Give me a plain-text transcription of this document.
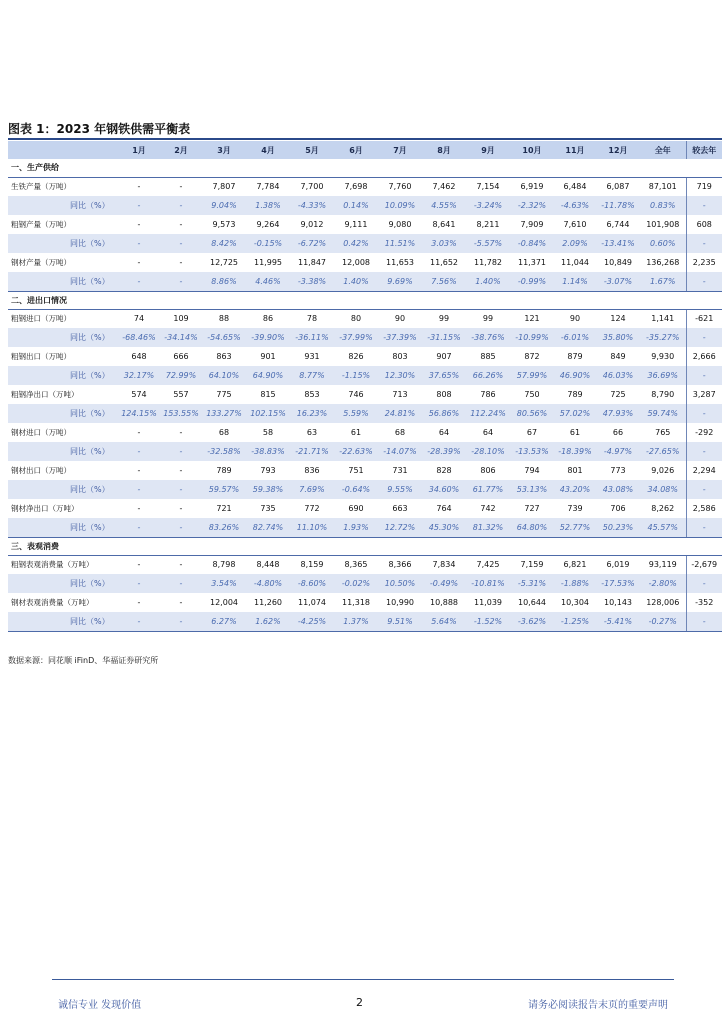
图表 1：2023 年钢铁供需平衡表
	1月	2月	3月	4月	5月	6月	7月	8月	9月	10月	11月	12月	全年	较去年
一、生产供给														
生铁产量（万吨）	-	-	7,807	7,784	7,700	7,698	7,760	7,462	7,154	6,919	6,484	6,087	87,101	719
同比（%）	-	-	9.04%	1.38%	-4.33%	0.14%	10.09%	4.55%	-3.24%	-2.32%	-4.63%	-11.78%	0.83%	-
粗钢产量（万吨）	-	-	9,573	9,264	9,012	9,111	9,080	8,641	8,211	7,909	7,610	6,744	101,908	608
同比（%）	-	-	8.42%	-0.15%	-6.72%	0.42%	11.51%	3.03%	-5.57%	-0.84%	2.09%	-13.41%	0.60%	-
钢材产量（万吨）	-	-	12,725	11,995	11,847	12,008	11,653	11,652	11,782	11,371	11,044	10,849	136,268	2,235
同比（%）	-	-	8.86%	4.46%	-3.38%	1.40%	9.69%	7.56%	1.40%	-0.99%	1.14%	-3.07%	1.67%	-
二、进出口情况														
粗钢进口（万吨）	74	109	88	86	78	80	90	99	99	121	90	124	1,141	-621
同比（%）	-68.46%	-34.14%	-54.65%	-39.90%	-36.11%	-37.99%	-37.39%	-31.15%	-38.76%	-10.99%	-6.01%	35.80%	-35.27%	-
粗钢出口（万吨）	648	666	863	901	931	826	803	907	885	872	879	849	9,930	2,666
同比（%）	32.17%	72.99%	64.10%	64.90%	8.77%	-1.15%	12.30%	37.65%	66.26%	57.99%	46.90%	46.03%	36.69%	-
粗钢净出口（万吨）	574	557	775	815	853	746	713	808	786	750	789	725	8,790	3,287
同比（%）	124.15%	153.55%	133.27%	102.15%	16.23%	5.59%	24.81%	56.86%	112.24%	80.56%	57.02%	47.93%	59.74%	-
钢材进口（万吨）	-	-	68	58	63	61	68	64	64	67	61	66	765	-292
同比（%）	-	-	-32.58%	-38.83%	-21.71%	-22.63%	-14.07%	-28.39%	-28.10%	-13.53%	-18.39%	-4.97%	-27.65%	-
钢材出口（万吨）	-	-	789	793	836	751	731	828	806	794	801	773	9,026	2,294
同比（%）	-	-	59.57%	59.38%	7.69%	-0.64%	9.55%	34.60%	61.77%	53.13%	43.20%	43.08%	34.08%	-
钢材净出口（万吨）	-	-	721	735	772	690	663	764	742	727	739	706	8,262	2,586
同比（%）	-	-	83.26%	82.74%	11.10%	1.93%	12.72%	45.30%	81.32%	64.80%	52.77%	50.23%	45.57%	-
三、表观消费														
粗钢表观消费量（万吨）	-	-	8,798	8,448	8,159	8,365	8,366	7,834	7,425	7,159	6,821	6,019	93,119	-2,679
同比（%）	-	-	3.54%	-4.80%	-8.60%	-0.02%	10.50%	-0.49%	-10.81%	-5.31%	-1.88%	-17.53%	-2.80%	-
钢材表观消费量（万吨）	-	-	12,004	11,260	11,074	11,318	10,990	10,888	11,039	10,644	10,304	10,143	128,006	-352
同比（%）	-	-	6.27%	1.62%	-4.25%	1.37%	9.51%	5.64%	-1.52%	-3.62%	-1.25%	-5.41%	-0.27%	-
数据来源：同花顺 iFinD、华福证券研究所
诚信专业 发现价值	2	请务必阅读报告末页的重要声明
